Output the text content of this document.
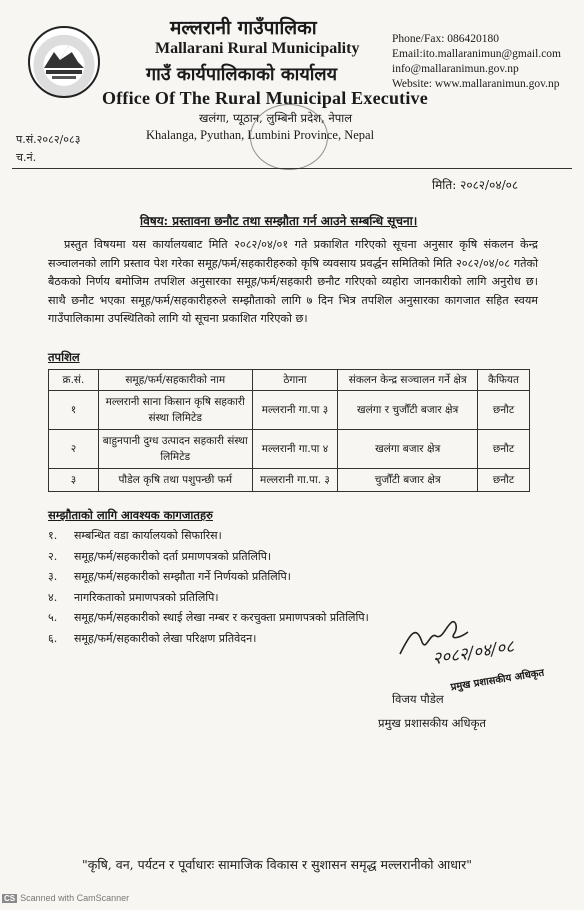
मल्लरानी गाउँपालिका
Mallarani Rural Municipality
गाउँ कार्यपालिकाको कार्यालय
Office Of The Rural Municipal Executive
खलंगा, प्यूठान, लुम्बिनी प्रदेश, नेपाल
Khalanga, Pyuthan, Lumbini Province, Nepal
Phone/Fax: 086420180
Email:ito.mallaranimun@gmail.com
info@mallaranimun.gov.np
Website: www.mallaranimun.gov.np
प.सं.२०८२/०८३
च.नं.
मिति: २०८२/०४/०८
विषय: प्रस्तावना छनौट तथा सम्झौता गर्न आउने सम्बन्धि सूचना।
प्रस्तुत विषयमा यस कार्यालयबाट मिति २०८२/०४/०१ गते प्रकाशित गरिएको सूचना अनुसार कृषि संकलन केन्द्र सञ्चालनको लागि प्रस्ताव पेश गरेका समूह/फर्म/सहकारीहरुको कृषि व्यवसाय प्रवर्द्धन समितिको मिति २०८२/०४/०८ गतेको बैठकको निर्णय बमोजिम तपशिल अनुसारका समूह/फर्म/सहकारी छनौट गरिएको व्यहोरा जानकारीको लागि अनुरोध छ। साथै छनौट भएका समूह/फर्म/सहकारीहरुले सम्झौताको लागि ७ दिन भित्र तपशिल अनुसारका कागजात सहित स्वयम गाउँपालिकामा उपस्थितिको लागि यो सूचना प्रकाशित गरिएको छ।
तपशिल
क्र.सं.	समूह/फर्म/सहकारीको नाम	ठेगाना	संकलन केन्द्र सञ्चालन गर्ने क्षेत्र	कैफियत
१	मल्लरानी साना किसान कृषि सहकारी संस्था लिमिटेड	मल्लरानी गा.पा ३	खलंगा र चुजौँटी बजार क्षेत्र	छनौट
२	बाहुनपानी दुग्ध उत्पादन सहकारी संस्था लिमिटेड	मल्लरानी गा.पा ४	खलंगा बजार क्षेत्र	छनौट
३	पौडेल कृषि तथा पशुपन्छी फर्म	मल्लरानी गा.पा. ३	चुजौँटी बजार क्षेत्र	छनौट
सम्झौताको लागि आवश्यक कागजातहरु
१. सम्बन्धित वडा कार्यालयको सिफारिस।
२. समूह/फर्म/सहकारीको दर्ता प्रमाणपत्रको प्रतिलिपि।
३. समूह/फर्म/सहकारीको सम्झौता गर्ने निर्णयको प्रतिलिपि।
४. नागरिकताको प्रमाणपत्रको प्रतिलिपि।
५. समूह/फर्म/सहकारीको स्थाई लेखा नम्बर र करचुक्ता प्रमाणपत्रको प्रतिलिपि।
६. समूह/फर्म/सहकारीको लेखा परिक्षण प्रतिवेदन।	२०८२/०४/०८
प्रमुख प्रशासकीय अधिकृत
विजय पौडेल
प्रमुख प्रशासकीय अधिकृत
"कृषि, वन, पर्यटन र पूर्वाधारः सामाजिक विकास र सुशासन समृद्ध मल्लरानीको आधार"
CS Scanned with CamScanner
